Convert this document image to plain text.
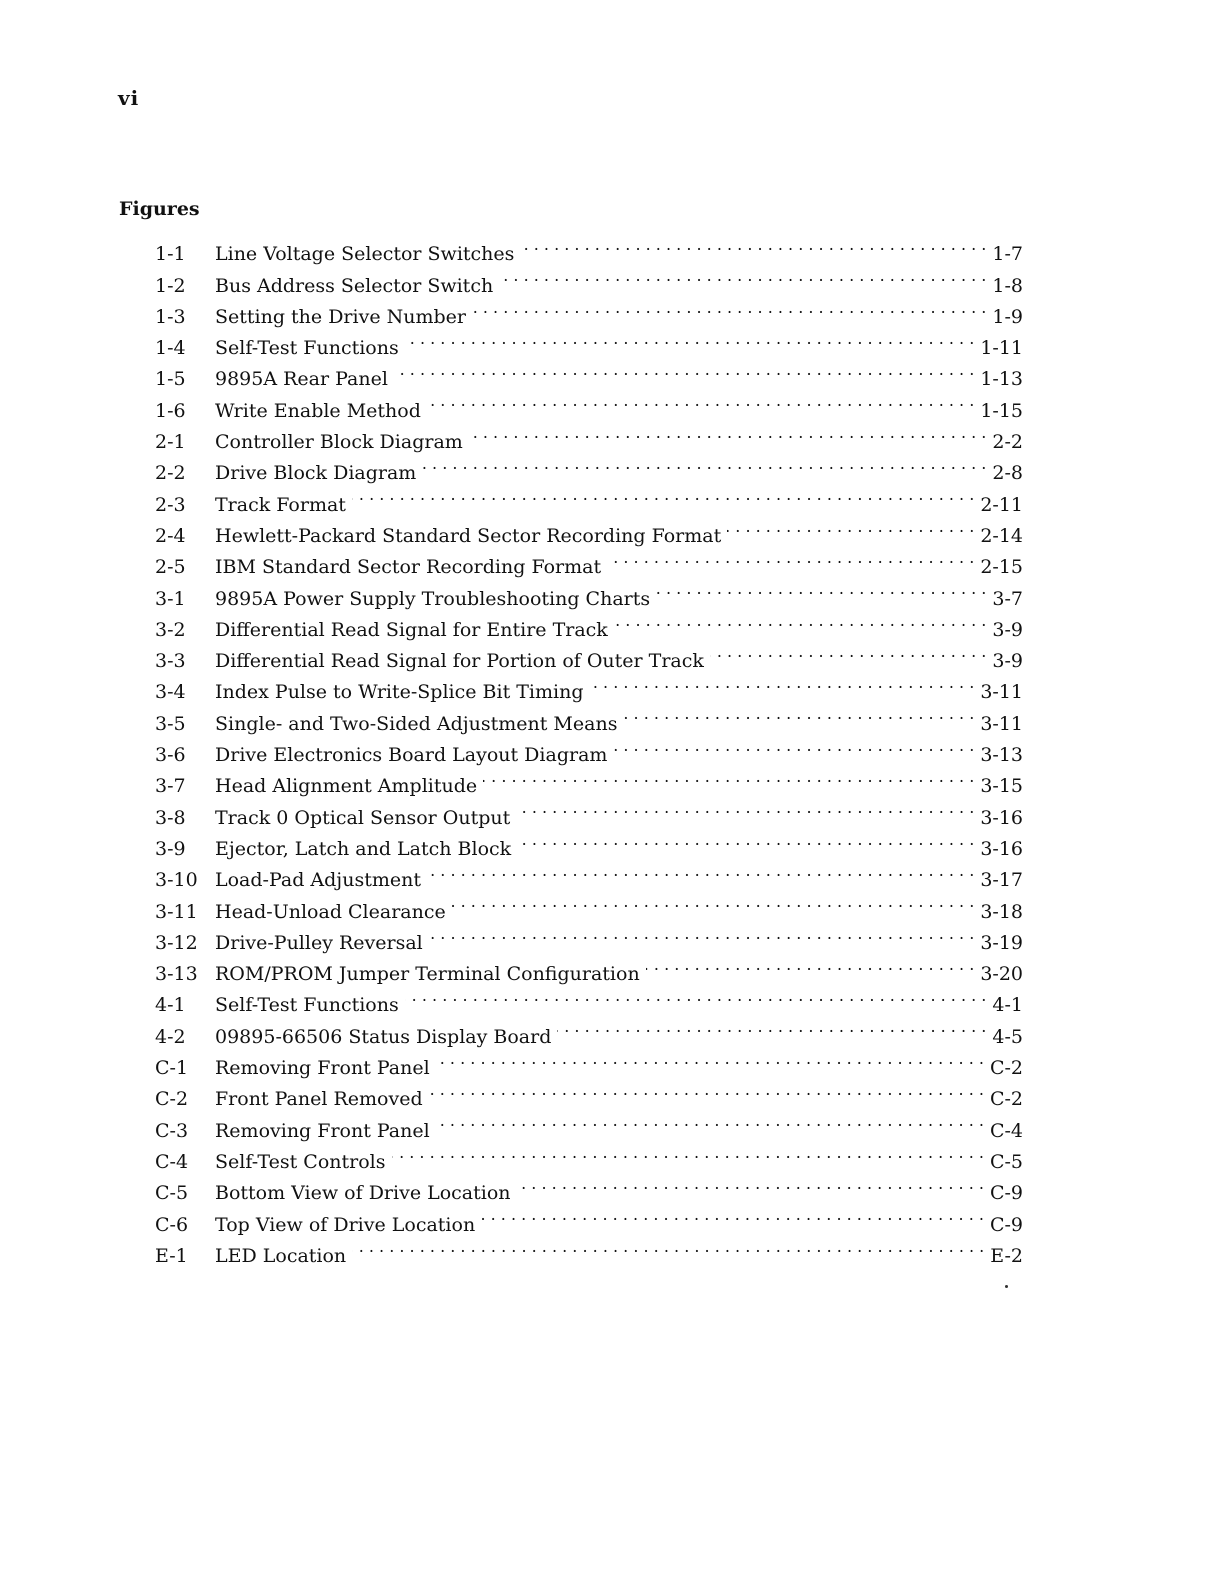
vi
Figures
1-1	Line Voltage Selector Switches . . .	1-7
1-2	Bus Address Selector Switch . . .	1-8
1-3	Setting the Drive Number . . .	1-9
1-4	Self-Test Functions . . .	1-11
1-5	9895A Rear Panel . . .	1-13
1-6	Write Enable Method . . .	1-15
2-1	Controller Block Diagram . . .	2-2
2-2	Drive Block Diagram . . .	2-8
2-3	Track Format . . .	2-11
2-4	Hewlett-Packard Standard Sector Recording Format . . .	2-14
2-5	IBM Standard Sector Recording Format . . .	2-15
3-1	9895A Power Supply Troubleshooting Charts . . .	3-7
3-2	Differential Read Signal for Entire Track . . .	3-9
3-3	Differential Read Signal for Portion of Outer Track . . .	3-9
3-4	Index Pulse to Write-Splice Bit Timing . . .	3-11
3-5	Single- and Two-Sided Adjustment Means . . .	3-11
3-6	Drive Electronics Board Layout Diagram . . .	3-13
3-7	Head Alignment Amplitude . . .	3-15
3-8	Track 0 Optical Sensor Output . . .	3-16
3-9	Ejector, Latch and Latch Block . . .	3-16
3-10 Load-Pad Adjustment . . .	3-17
3-11 Head-Unload Clearance . . .	3-18
3-12 Drive-Pulley Reversal . . .	3-19
3-13 ROM/PROM Jumper Terminal Configuration . . .	3-20
4-1	Self-Test Functions . . .	4-1
4-2	09895-66506 Status Display Board . . .	4-5
C-1	Removing Front Panel . . .	C-2
C-2	Front Panel Removed . . .	C-2
C-3	Removing Front Panel . . .	C-4
C-4	Self-Test Controls . . .	C-5
C-5	Bottom View of Drive Location . . .	C-9
C-6	Top View of Drive Location . . .	C-9
E-1	LED Location . . .	E-2
